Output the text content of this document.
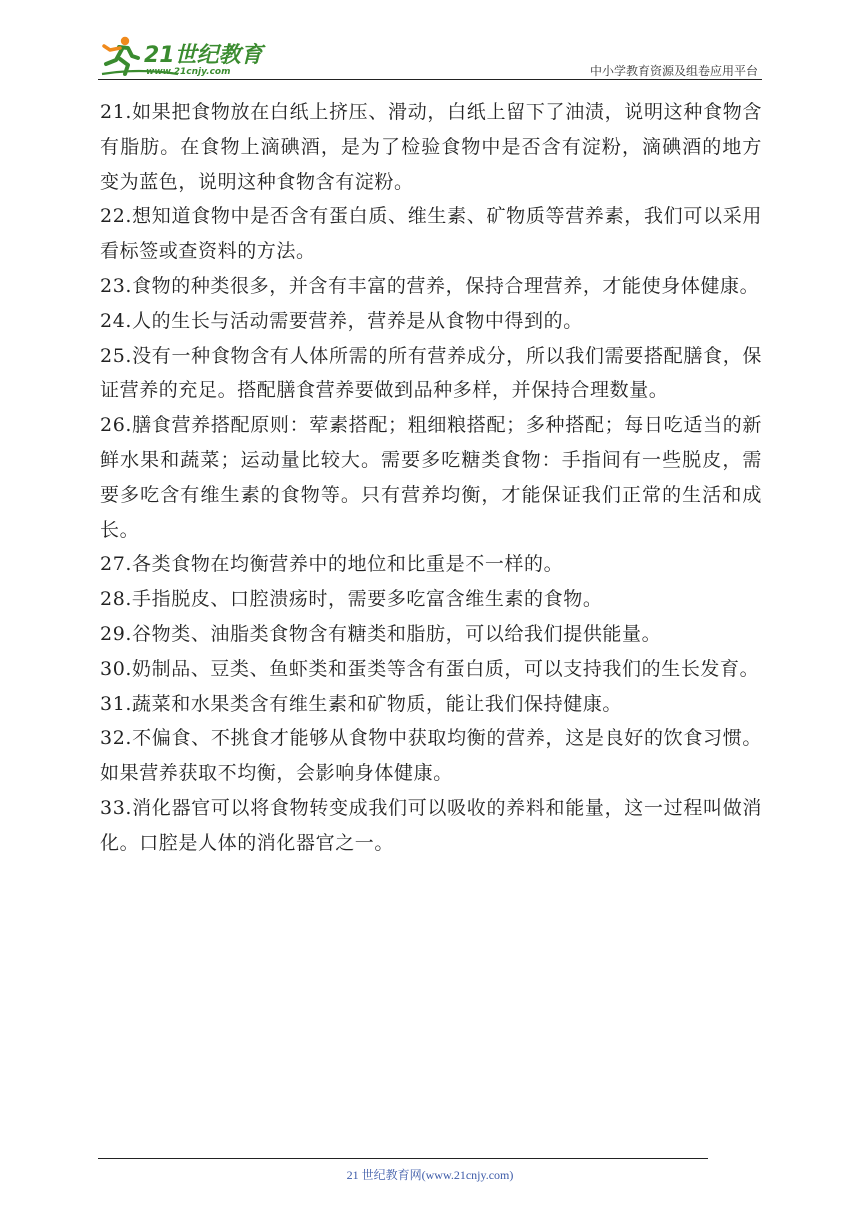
21世纪教育
www.21cnjy.com	中小学教育资源及组卷应用平台

21.如果把食物放在白纸上挤压、滑动，白纸上留下了油渍，说明这种食物含有脂肪。在食物上滴碘酒，是为了检验食物中是否含有淀粉，滴碘酒的地方变为蓝色，说明这种食物含有淀粉。

22.想知道食物中是否含有蛋白质、维生素、矿物质等营养素，我们可以采用看标签或查资料的方法。

23.食物的种类很多，并含有丰富的营养，保持合理营养，才能使身体健康。

24.人的生长与活动需要营养，营养是从食物中得到的。

25.没有一种食物含有人体所需的所有营养成分，所以我们需要搭配膳食，保证营养的充足。搭配膳食营养要做到品种多样，并保持合理数量。

26.膳食营养搭配原则：荤素搭配；粗细粮搭配；多种搭配；每日吃适当的新鲜水果和蔬菜；运动量比较大。需要多吃糖类食物：手指间有一些脱皮，需要多吃含有维生素的食物等。只有营养均衡，才能保证我们正常的生活和成长。

27.各类食物在均衡营养中的地位和比重是不一样的。

28.手指脱皮、口腔溃疡时，需要多吃富含维生素的食物。

29.谷物类、油脂类食物含有糖类和脂肪，可以给我们提供能量。

30.奶制品、豆类、鱼虾类和蛋类等含有蛋白质，可以支持我们的生长发育。

31.蔬菜和水果类含有维生素和矿物质，能让我们保持健康。

32.不偏食、不挑食才能够从食物中获取均衡的营养，这是良好的饮食习惯。如果营养获取不均衡，会影响身体健康。

33.消化器官可以将食物转变成我们可以吸收的养料和能量，这一过程叫做消化。口腔是人体的消化器官之一。

21 世纪教育网(www.21cnjy.com)
